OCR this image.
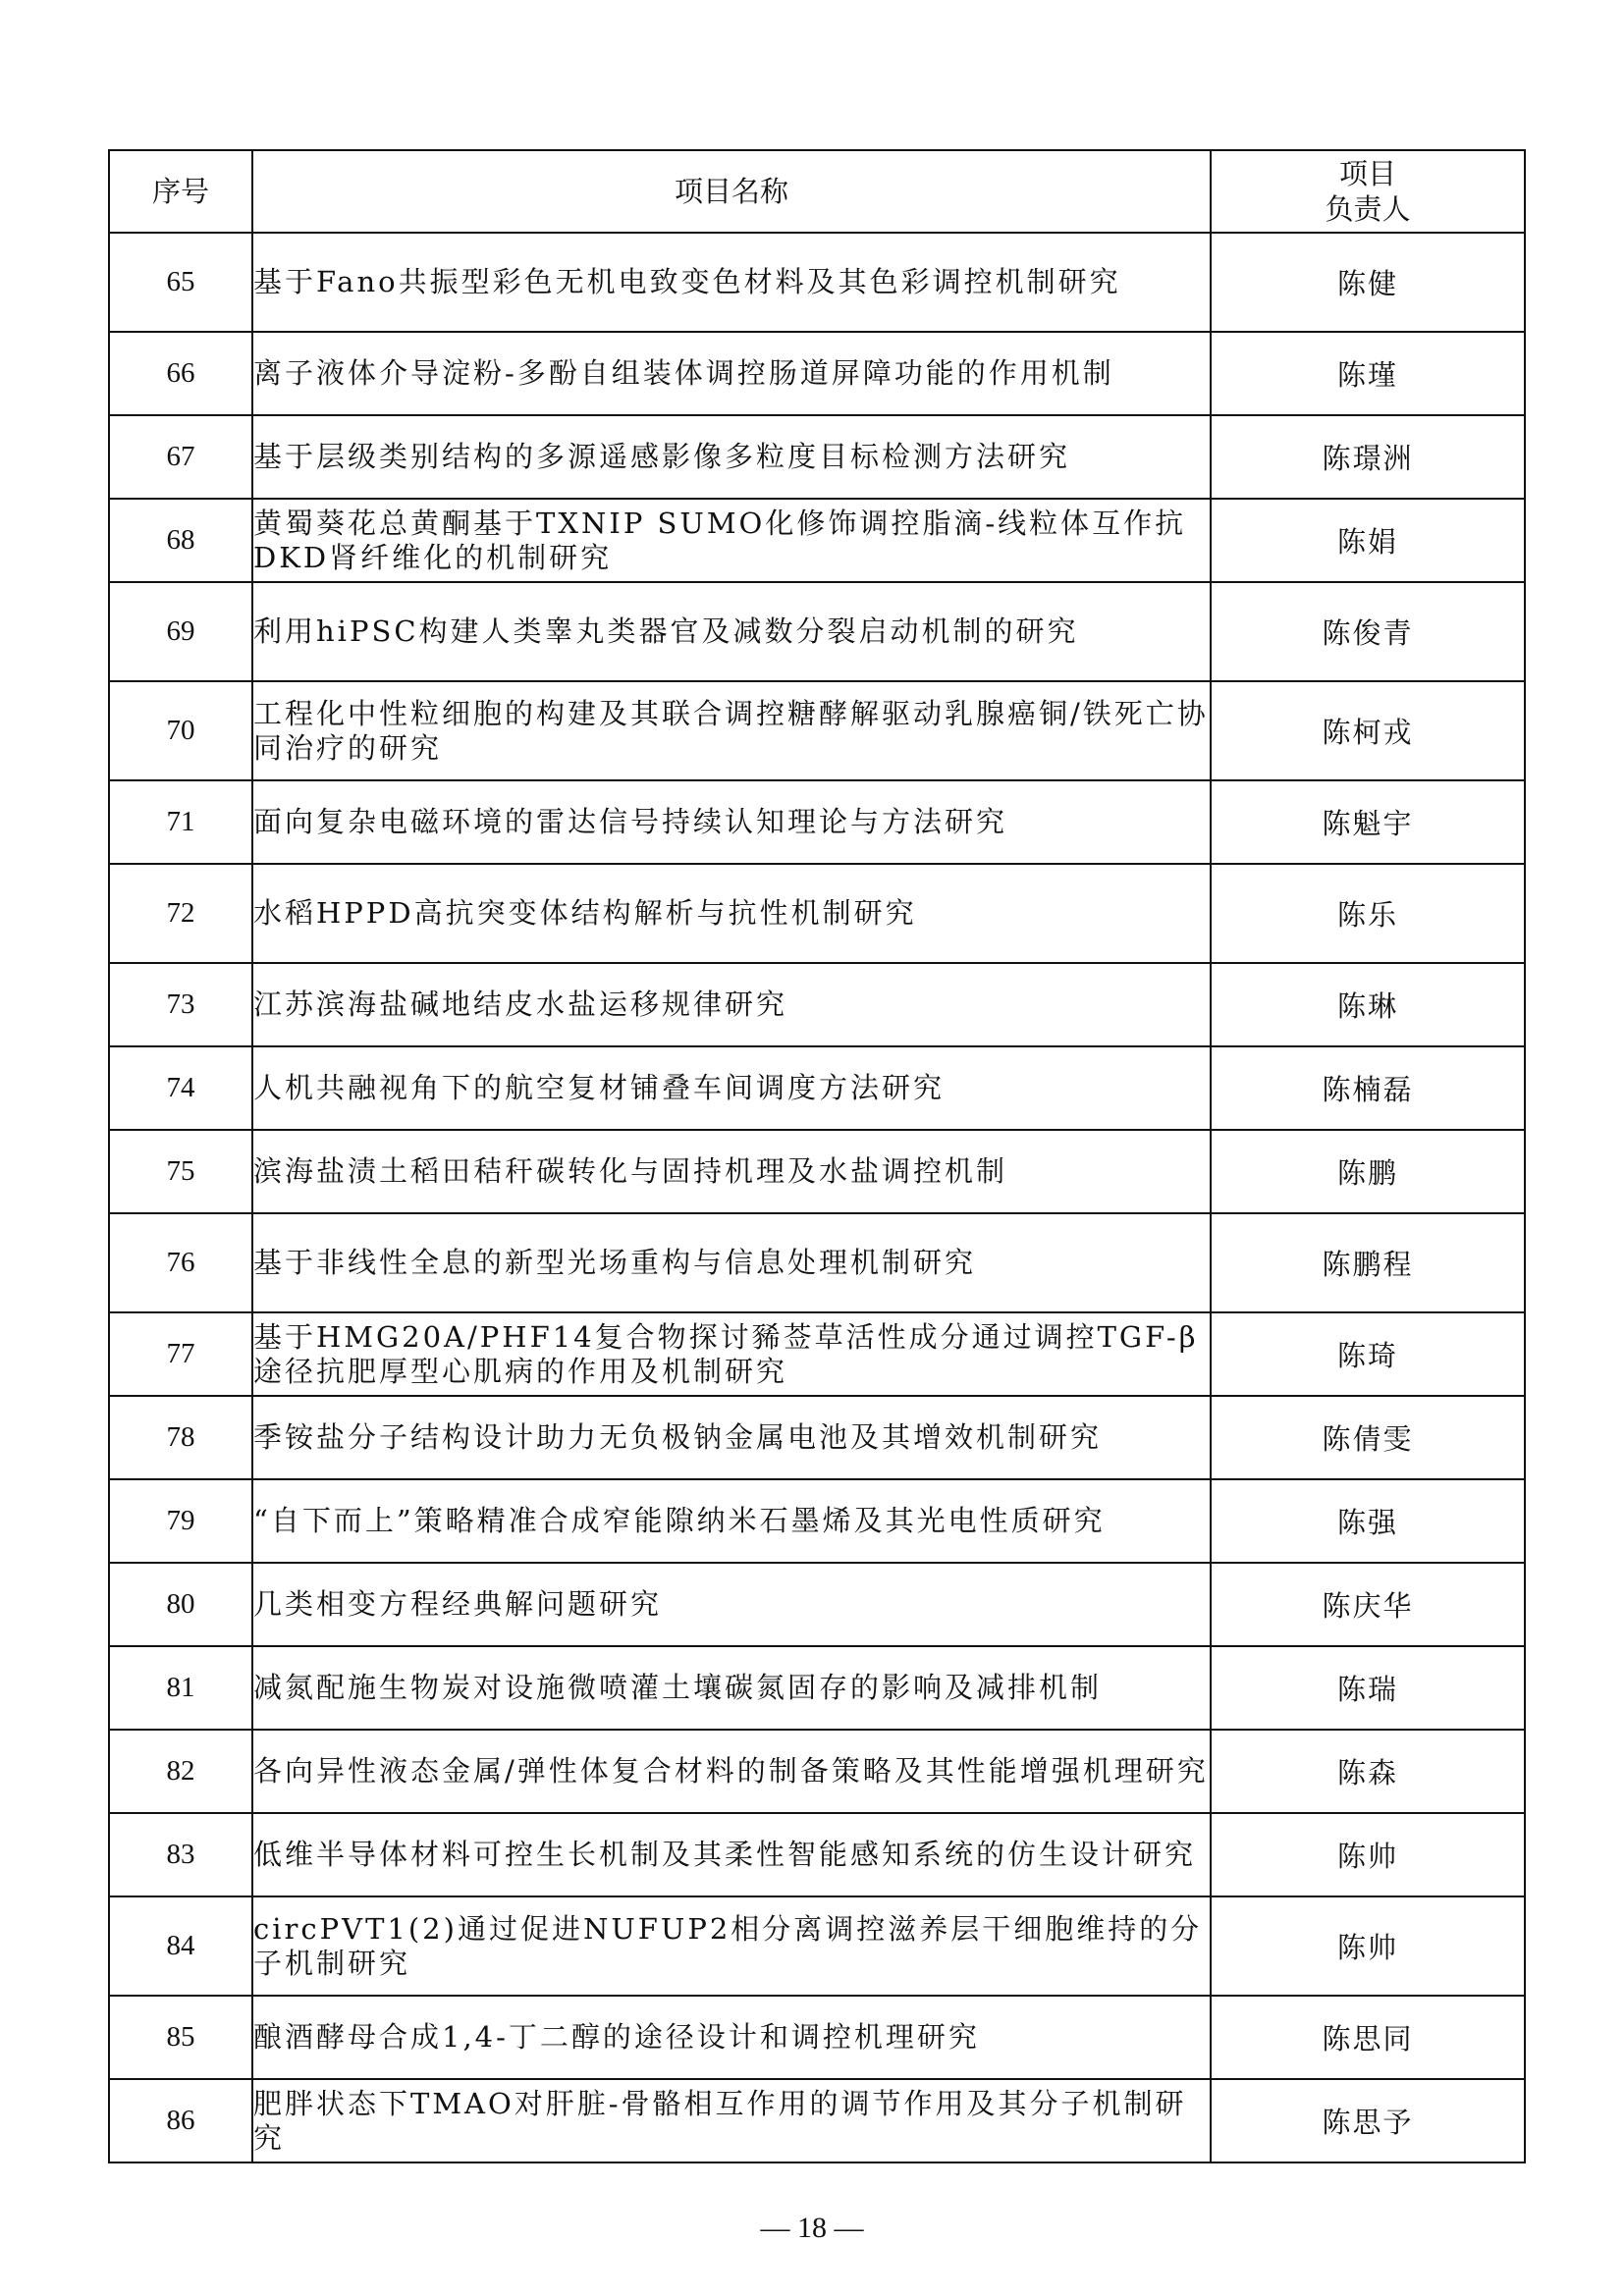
序号	项目名称	项目
负责人

65	基于Fano共振型彩色无机电致变色材料及其色彩调控机制研究	陈健
66	离子液体介导淀粉-多酚自组装体调控肠道屏障功能的作用机制	陈瑾
67	基于层级类别结构的多源遥感影像多粒度目标检测方法研究	陈璟洲
68	黄蜀葵花总黄酮基于TXNIP SUMO化修饰调控脂滴-线粒体互作抗DKD肾纤维化的机制研究	陈娟
69	利用hiPSC构建人类睾丸类器官及减数分裂启动机制的研究	陈俊青
70	工程化中性粒细胞的构建及其联合调控糖酵解驱动乳腺癌铜/铁死亡协同治疗的研究	陈柯戎
71	面向复杂电磁环境的雷达信号持续认知理论与方法研究	陈魁宇
72	水稻HPPD高抗突变体结构解析与抗性机制研究	陈乐
73	江苏滨海盐碱地结皮水盐运移规律研究	陈琳
74	人机共融视角下的航空复材铺叠车间调度方法研究	陈楠磊
75	滨海盐渍土稻田秸秆碳转化与固持机理及水盐调控机制	陈鹏
76	基于非线性全息的新型光场重构与信息处理机制研究	陈鹏程
77	基于HMG20A/PHF14复合物探讨豨莶草活性成分通过调控TGF-β途径抗肥厚型心肌病的作用及机制研究	陈琦
78	季铵盐分子结构设计助力无负极钠金属电池及其增效机制研究	陈倩雯
79	“自下而上”策略精准合成窄能隙纳米石墨烯及其光电性质研究	陈强
80	几类相变方程经典解问题研究	陈庆华
81	减氮配施生物炭对设施微喷灌土壤碳氮固存的影响及减排机制	陈瑞
82	各向异性液态金属/弹性体复合材料的制备策略及其性能增强机理研究	陈森
83	低维半导体材料可控生长机制及其柔性智能感知系统的仿生设计研究	陈帅
84	circPVT1(2)通过促进NUFUP2相分离调控滋养层干细胞维持的分子机制研究	陈帅
85	酿酒酵母合成1,4-丁二醇的途径设计和调控机理研究	陈思同
86	肥胖状态下TMAO对肝脏-骨骼相互作用的调节作用及其分子机制研究	陈思予
— 18 —
